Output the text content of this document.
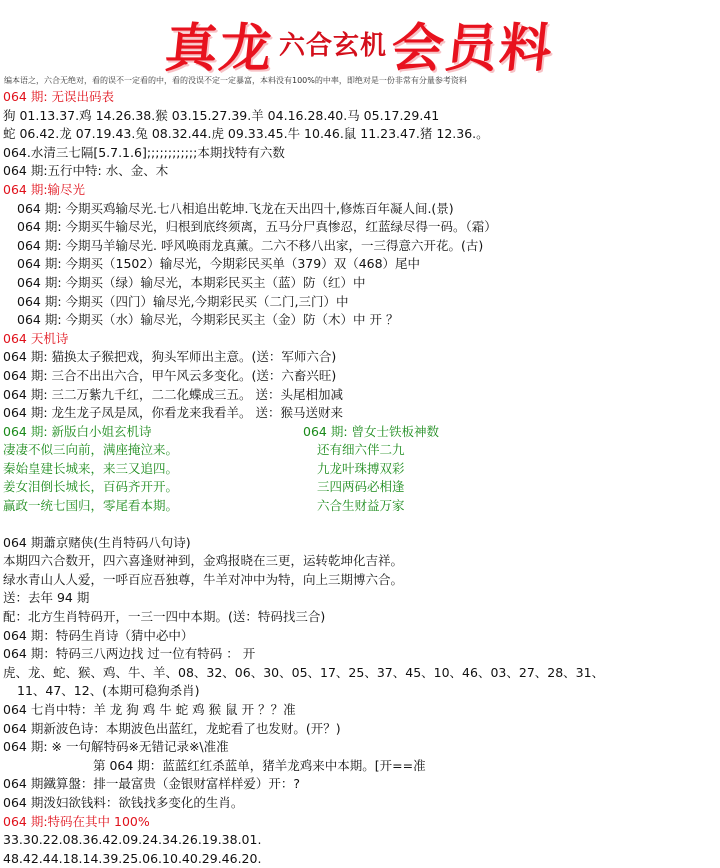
真龙 六合玄机 会员料
编本语之，六合无绝对，看的误不一定看的中，看的没误不定一定暴富，本料没有100%的中率，即绝对是一份非常有分量参考资料
064 期: 无误出码表
狗 01.13.37.鸡 14.26.38.猴 03.15.27.39.羊 04.16.28.40.马 05.17.29.41
蛇 06.42.龙 07.19.43.兔 08.32.44.虎 09.33.45.牛 10.46.鼠 11.23.47.猪 12.36.。
064.水清三七隔[5.7.1.6];;;;;;;;;;;;本期找特有六数
064 期:五行中特: 水、金、木
064 期:输尽光
064 期: 今期买鸡输尽光.七八相追出乾坤.飞龙在天出四十,修炼百年凝人间.(景)
064 期: 今期买牛输尽光，归根到底终须离，五马分尸真惨忍，红蓝绿尽得一码。（霜）
064 期: 今期马羊输尽光. 呼风唤雨龙真薰。二六不移八出家，一三得意六开花。(古)
064 期: 今期买（1502）输尽光，今期彩民买单（379）双（468）尾中
064 期: 今期买（绿）输尽光，本期彩民买主（蓝）防（红）中
064 期: 今期买（四门）输尽光,今期彩民买（二门,三门）中
064 期: 今期买（水）输尽光，今期彩民买主（金）防（木）中 开 ？
064 天机诗
064 期: 猫换太子猴把戏，狗头军师出主意。(送：军师六合)
064 期: 三合不出出六合，甲午风云多变化。(送：六畜兴旺)
064 期: 三二万紫九千红，二二化蝶成三五。 送：头尾相加减
064 期: 龙生龙子凤是凤，你看龙来我看羊。 送：猴马送财来
064 期: 新版白小姐玄机诗
凄凄不似三向前，满座掩泣来。
秦始皇建长城来，来三又追四。
姜女泪倒长城长，百码齐开开。
赢政一统七国归，零尾看本期。
064 期: 曾女士铁板神数
还有细六伴二九
九龙叶珠搏双彩
三四两码必相逢
六合生财益万家
064 期蕭京赌侠(生肖特码八句诗)
本期四六合数开，四六喜逢财神到，金鸡报晓在三更，运转乾坤化吉祥。
绿水青山人人爱，一呼百应吾独尊，牛羊对冲中为特，向上三期博六合。
送：去年 94 期
配：北方生肖特码开，一三一四中本期。(送：特码找三合)
064 期：特码生肖诗（猜中必中）
064 期：特码三八两边找 过一位有特码 ： 开
虎、龙、蛇、猴、鸡、牛、羊、08、32、06、30、05、17、25、37、45、10、46、03、27、28、31、
11、47、12、(本期可稳狗杀肖)
064 七肖中特：羊 龙 狗 鸡 牛 蛇 鸡 猴 鼠 开 ？？准
064 期新波色诗：本期波色出蓝红，龙蛇看了也发财。(开？)
064 期: ※ 一句解特码※无错记录※\准准
第 064 期：蓝蓝红红杀蓝单，猪羊龙鸡来中本期。[开==准
064 期鐵算盤：排一最富贵（金银财富样样爱）开：?
064 期泼妇欲钱料：欲钱找多变化的生肖。
064 期:特码在其中 100%
33.30.22.08.36.42.09.24.34.26.19.38.01.
48.42.44.18.14.39.25.06.10.40.29.46.20.
